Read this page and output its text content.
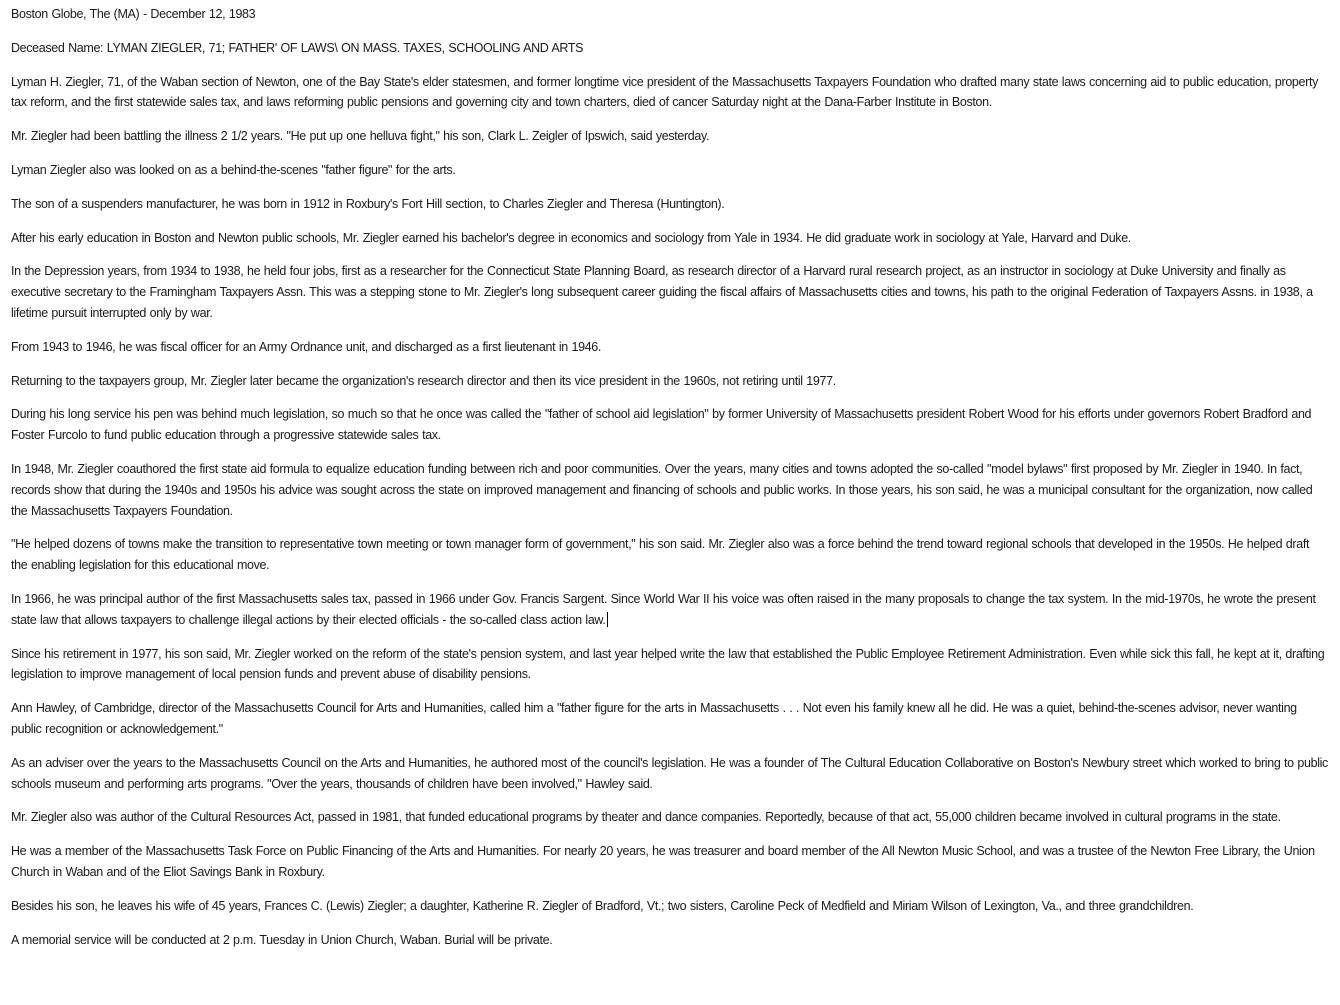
Boston Globe, The (MA) - December 12, 1983

Deceased Name: LYMAN ZIEGLER, 71; FATHER' OF LAWS\ ON MASS. TAXES, SCHOOLING AND ARTS

Lyman H. Ziegler, 71, of the Waban section of Newton, one of the Bay State's elder statesmen, and former longtime vice president of the Massachusetts Taxpayers Foundation who drafted many state laws concerning aid to public education, property tax reform, and the first statewide sales tax, and laws reforming public pensions and governing city and town charters, died of cancer Saturday night at the Dana-Farber Institute in Boston.

Mr. Ziegler had been battling the illness 2 1/2 years. "He put up one helluva fight," his son, Clark L. Zeigler of Ipswich, said yesterday.

Lyman Ziegler also was looked on as a behind-the-scenes "father figure" for the arts.

The son of a suspenders manufacturer, he was born in 1912 in Roxbury's Fort Hill section, to Charles Ziegler and Theresa (Huntington).

After his early education in Boston and Newton public schools, Mr. Ziegler earned his bachelor's degree in economics and sociology from Yale in 1934. He did graduate work in sociology at Yale, Harvard and Duke.

In the Depression years, from 1934 to 1938, he held four jobs, first as a researcher for the Connecticut State Planning Board, as research director of a Harvard rural research project, as an instructor in sociology at Duke University and finally as executive secretary to the Framingham Taxpayers Assn. This was a stepping stone to Mr. Ziegler's long subsequent career guiding the fiscal affairs of Massachusetts cities and towns, his path to the original Federation of Taxpayers Assns. in 1938, a lifetime pursuit interrupted only by war.

From 1943 to 1946, he was fiscal officer for an Army Ordnance unit, and discharged as a first lieutenant in 1946.

Returning to the taxpayers group, Mr. Ziegler later became the organization's research director and then its vice president in the 1960s, not retiring until 1977.

During his long service his pen was behind much legislation, so much so that he once was called the "father of school aid legislation" by former University of Massachusetts president Robert Wood for his efforts under governors Robert Bradford and Foster Furcolo to fund public education through a progressive statewide sales tax.

In 1948, Mr. Ziegler coauthored the first state aid formula to equalize education funding between rich and poor communities. Over the years, many cities and towns adopted the so-called "model bylaws" first proposed by Mr. Ziegler in 1940. In fact, records show that during the 1940s and 1950s his advice was sought across the state on improved management and financing of schools and public works. In those years, his son said, he was a municipal consultant for the organization, now called the Massachusetts Taxpayers Foundation.

"He helped dozens of towns make the transition to representative town meeting or town manager form of government," his son said. Mr. Ziegler also was a force behind the trend toward regional schools that developed in the 1950s. He helped draft the enabling legislation for this educational move.

In 1966, he was principal author of the first Massachusetts sales tax, passed in 1966 under Gov. Francis Sargent. Since World War II his voice was often raised in the many proposals to change the tax system. In the mid-1970s, he wrote the present state law that allows taxpayers to challenge illegal actions by their elected officials - the so-called class action law.

Since his retirement in 1977, his son said, Mr. Ziegler worked on the reform of the state's pension system, and last year helped write the law that established the Public Employee Retirement Administration. Even while sick this fall, he kept at it, drafting legislation to improve management of local pension funds and prevent abuse of disability pensions.

Ann Hawley, of Cambridge, director of the Massachusetts Council for Arts and Humanities, called him a "father figure for the arts in Massachusetts . . . Not even his family knew all he did. He was a quiet, behind-the-scenes advisor, never wanting public recognition or acknowledgement."

As an adviser over the years to the Massachusetts Council on the Arts and Humanities, he authored most of the council's legislation. He was a founder of The Cultural Education Collaborative on Boston's Newbury street which worked to bring to public schools museum and performing arts programs. "Over the years, thousands of children have been involved," Hawley said.

Mr. Ziegler also was author of the Cultural Resources Act, passed in 1981, that funded educational programs by theater and dance companies. Reportedly, because of that act, 55,000 children became involved in cultural programs in the state.

He was a member of the Massachusetts Task Force on Public Financing of the Arts and Humanities. For nearly 20 years, he was treasurer and board member of the All Newton Music School, and was a trustee of the Newton Free Library, the Union Church in Waban and of the Eliot Savings Bank in Roxbury.

Besides his son, he leaves his wife of 45 years, Frances C. (Lewis) Ziegler; a daughter, Katherine R. Ziegler of Bradford, Vt.; two sisters, Caroline Peck of Medfield and Miriam Wilson of Lexington, Va., and three grandchildren.

A memorial service will be conducted at 2 p.m. Tuesday in Union Church, Waban. Burial will be private.
